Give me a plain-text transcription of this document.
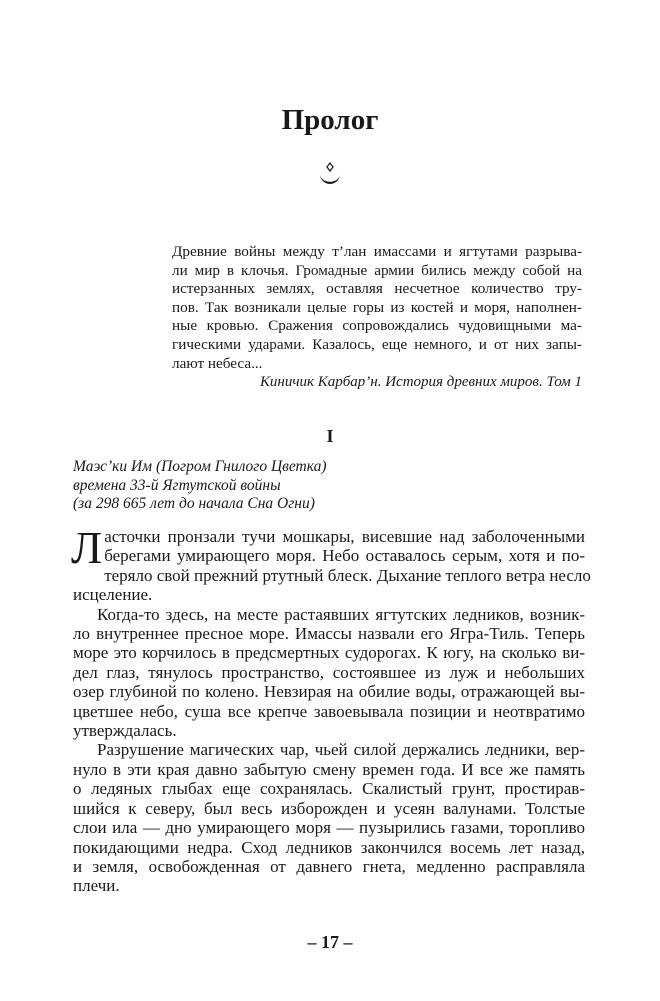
Пролог
Древние войны между т’лан имассами и ягтутами разрыва-
ли мир в клочья. Громадные армии бились между собой на
истерзанных землях, оставляя несчетное количество тру-
пов. Так возникали целые горы из костей и моря, наполнен-
ные кровью. Сражения сопровождались чудовищными ма-
гическими ударами. Казалось, еще немного, и от них запы-
лают небеса...
Киничик Карбар’н. История древних миров. Том 1
I
Маэс’ки Им (Погром Гнилого Цветка)
времена 33-й Ягтутской войны
(за 298 665 лет до начала Сна Огни)
Л асточки пронзали тучи мошкары, висевшие над заболоченными
берегами умирающего моря. Небо оставалось серым, хотя и по-
теряло свой прежний ртутный блеск. Дыхание теплого ветра несло
исцеление.
Когда-то здесь, на месте растаявших ягтутских ледников, возник-
ло внутреннее пресное море. Имассы назвали его Ягра-Тиль. Теперь
море это корчилось в предсмертных судорогах. К югу, на сколько ви-
дел глаз, тянулось пространство, состоявшее из луж и небольших
озер глубиной по колено. Невзирая на обилие воды, отражающей вы-
цветшее небо, суша все крепче завоевывала позиции и неотвратимо
утверждалась.
Разрушение магических чар, чьей силой держались ледники, вер-
нуло в эти края давно забытую смену времен года. И все же память
о ледяных глыбах еще сохранялась. Скалистый грунт, простирав-
шийся к северу, был весь изборожден и усеян валунами. Толстые
слои ила — дно умирающего моря — пузырились газами, торопливо
покидающими недра. Сход ледников закончился восемь лет назад,
и земля, освобожденная от давнего гнета, медленно расправляла
плечи.
– 17 –
